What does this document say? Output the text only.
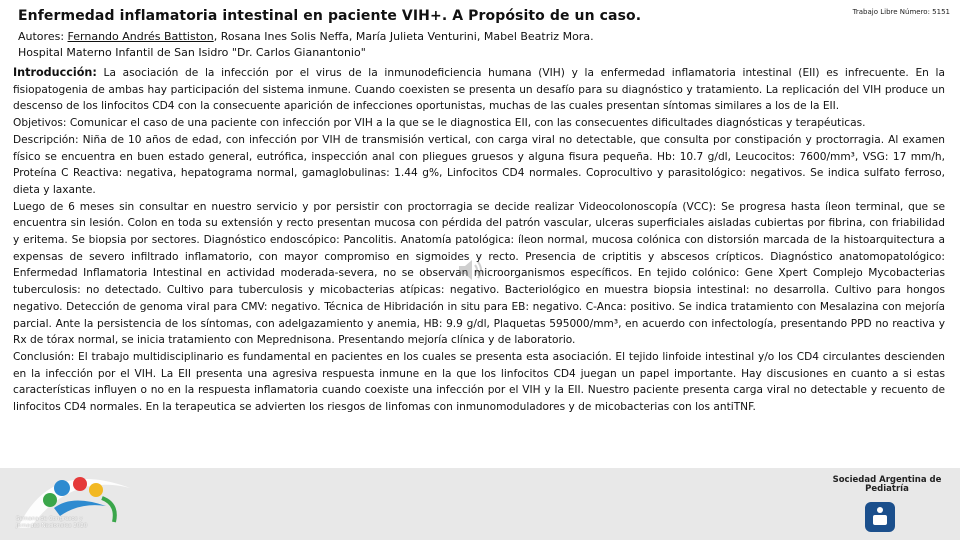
Enfermedad inflamatoria intestinal en paciente VIH+. A Propósito de un caso.	Trabajo Libre Número: 5151
Autores: Fernando Andrés Battiston, Rosana Ines Solis Neffa, María Julieta Venturini, Mabel Beatriz Mora.
Hospital Materno Infantil de San Isidro "Dr. Carlos Gianantonio"

Introducción: La asociación de la infección por el virus de la inmunodeficiencia humana (VIH) y la enfermedad inflamatoria intestinal (EII) es infrecuente. En la fisiopatogenia de ambas hay participación del sistema inmune. Cuando coexisten se presenta un desafío para su diagnóstico y tratamiento. La replicación del VIH produce un descenso de los linfocitos CD4 con la consecuente aparición de infecciones oportunistas, muchas de las cuales presentan síntomas similares a los de la EII.

Objetivos: Comunicar el caso de una paciente con infección por VIH a la que se le diagnostica EII, con las consecuentes dificultades diagnósticas y terapéuticas.

Descripción: Niña de 10 años de edad, con infección por VIH de transmisión vertical, con carga viral no detectable, que consulta por constipación y proctorragia. Al examen físico se encuentra en buen estado general, eutrófica, inspección anal con pliegues gruesos y alguna fisura pequeña. Hb: 10.7 g/dl, Leucocitos: 7600/mm³, VSG: 17 mm/h, Proteína C Reactiva: negativa, hepatograma normal, gamaglobulinas: 1.44 g%, Linfocitos CD4 normales. Coprocultivo y parasitológico: negativos. Se indica sulfato ferroso, dieta y laxante.

Luego de 6 meses sin consultar en nuestro servicio y por persistir con proctorragia se decide realizar Videocolonoscopía (VCC): Se progresa hasta íleon terminal, que se encuentra sin lesión. Colon en toda su extensión y recto presentan mucosa con pérdida del patrón vascular, ulceras superficiales aisladas cubiertas por fibrina, con friabilidad y eritema. Se biopsia por sectores. Diagnóstico endoscópico: Pancolitis. Anatomía patológica: íleon normal, mucosa colónica con distorsión marcada de la histoarquitectura a expensas de severo infiltrado inflamatorio, con mayor compromiso en sigmoides y recto. Presencia de criptitis y abscesos crípticos. Diagnóstico anatomopatológico: Enfermedad Inflamatoria Intestinal en actividad moderada-severa, no se observan microorganismos específicos. En tejido colónico: Gene Xpert Complejo Mycobacterias tuberculosis: no detectado. Cultivo para tuberculosis y micobacterias atípicas: negativo. Bacteriológico en muestra biopsia intestinal: no desarrolla. Cultivo para hongos negativo. Detección de genoma viral para CMV: negativo. Técnica de Hibridación in situ para EB: negativo. C-Anca: positivo. Se indica tratamiento con Mesalazina con mejoría parcial. Ante la persistencia de los síntomas, con adelgazamiento y anemia, HB: 9.9 g/dl, Plaquetas 595000/mm³, en acuerdo con infectología, presentando PPD no reactiva y Rx de tórax normal, se inicia tratamiento con Meprednisona. Presentando mejoría clínica y de laboratorio.

Conclusión: El trabajo multidisciplinario es fundamental en pacientes en los cuales se presenta esta asociación. El tejido linfoide intestinal y/o los CD4 circulantes descienden en la infección por el VIH. La EII presenta una agresiva respuesta inmune en la que los linfocitos CD4 juegan un papel importante. Hay discusiones en cuanto a si estas características influyen o no en la respuesta inflamatoria cuando coexiste una infección por el VIH y la EII. Nuestro paciente presenta carga viral no detectable y recuento de linfocitos CD4 normales. En la terapeutica se advierten los riesgos de linfomas con inmunomoduladores y de micobacterias con los antiTNF.

Semana de Congresos y Jornadas Nacionales 2020
Sociedad Argentina de Pediatría
